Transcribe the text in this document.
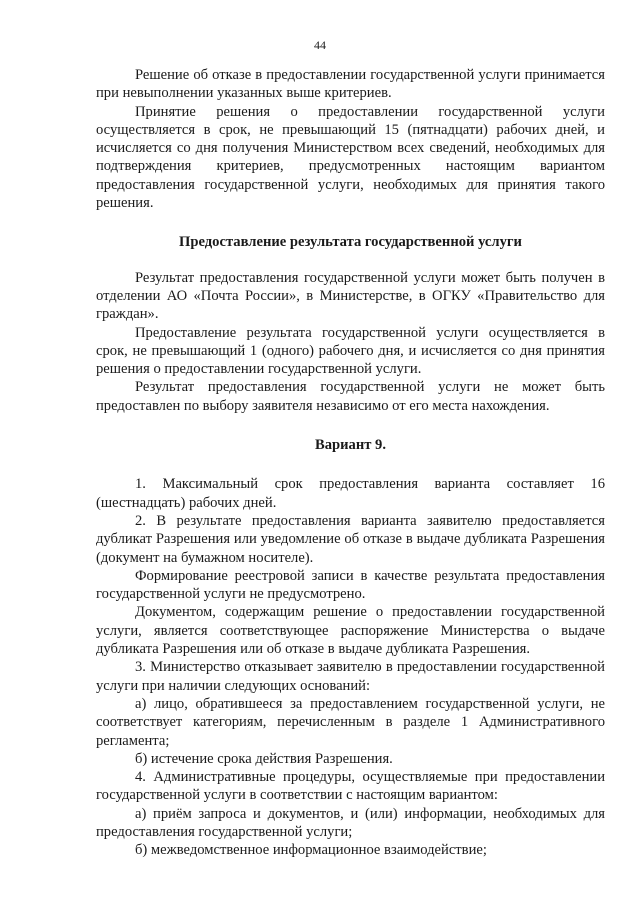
44

Решение об отказе в предоставлении государственной услуги принимается при невыполнении указанных выше критериев.

Принятие решения о предоставлении государственной услуги осуществляется в срок, не превышающий 15 (пятнадцати) рабочих дней, и исчисляется со дня получения Министерством всех сведений, необходимых для подтверждения критериев, предусмотренных настоящим вариантом предоставления государственной услуги, необходимых для принятия такого решения.

Предоставление результата государственной услуги

Результат предоставления государственной услуги может быть получен в отделении АО «Почта России», в Министерстве, в ОГКУ «Правительство для граждан».

Предоставление результата государственной услуги осуществляется в срок, не превышающий 1 (одного) рабочего дня, и исчисляется со дня принятия решения о предоставлении государственной услуги.

Результат предоставления государственной услуги не может быть предоставлен по выбору заявителя независимо от его места нахождения.

Вариант 9.

1. Максимальный срок предоставления варианта составляет 16 (шестнадцать) рабочих дней.

2. В результате предоставления варианта заявителю предоставляется дубликат Разрешения или уведомление об отказе в выдаче дубликата Разрешения (документ на бумажном носителе).

Формирование реестровой записи в качестве результата предоставления государственной услуги не предусмотрено.

Документом, содержащим решение о предоставлении государственной услуги, является соответствующее распоряжение Министерства о выдаче дубликата Разрешения или об отказе в выдаче дубликата Разрешения.

3. Министерство отказывает заявителю в предоставлении государственной услуги при наличии следующих оснований:

а) лицо, обратившееся за предоставлением государственной услуги, не соответствует категориям, перечисленным в разделе 1 Административного регламента;

б) истечение срока действия Разрешения.

4. Административные процедуры, осуществляемые при предоставлении государственной услуги в соответствии с настоящим вариантом:

а) приём запроса и документов, и (или) информации, необходимых для предоставления государственной услуги;

б) межведомственное информационное взаимодействие;
